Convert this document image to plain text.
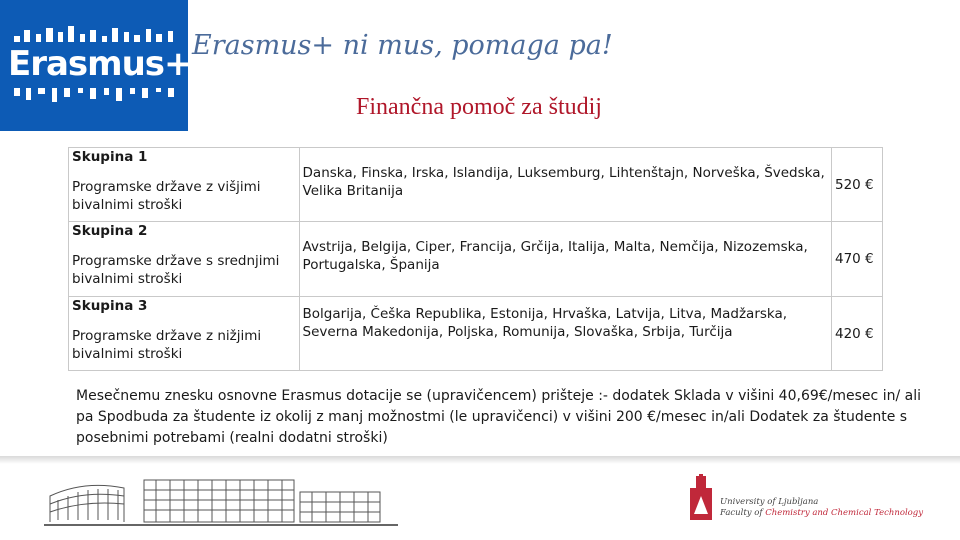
Erasmus+ Erasmus+ ni mus, pomaga pa!
Finančna pomoč za študij
Skupina 1
Programske države z višjimi bivalnimi stroški	Danska, Finska, Irska, Islandija, Luksemburg, Lihtenštajn, Norveška, Švedska, Velika Britanija	520 €

Skupina 2
Programske države s srednjimi bivalnimi stroški	Avstrija, Belgija, Ciper, Francija, Grčija, Italija, Malta, Nemčija, Nizozemska, Portugalska, Španija	470 €

Skupina 3
Programske države z nižjimi bivalnimi stroški	Bolgarija, Češka Republika, Estonija, Hrvaška, Latvija, Litva, Madžarska, Severna Makedonija, Poljska, Romunija, Slovaška, Srbija, Turčija	420 €
Mesečnemu znesku osnovne Erasmus dotacije se (upravičencem) prišteje :- dodatek Sklada v višini 40,69€/mesec in/ ali pa Spodbuda za študente iz okolij z manj možnostmi (le upravičenci) v višini 200 €/mesec in/ali Dodatek za študente s posebnimi potrebami (realni dodatni stroški)
University of Ljubljana
Faculty of Chemistry and Chemical Technology
